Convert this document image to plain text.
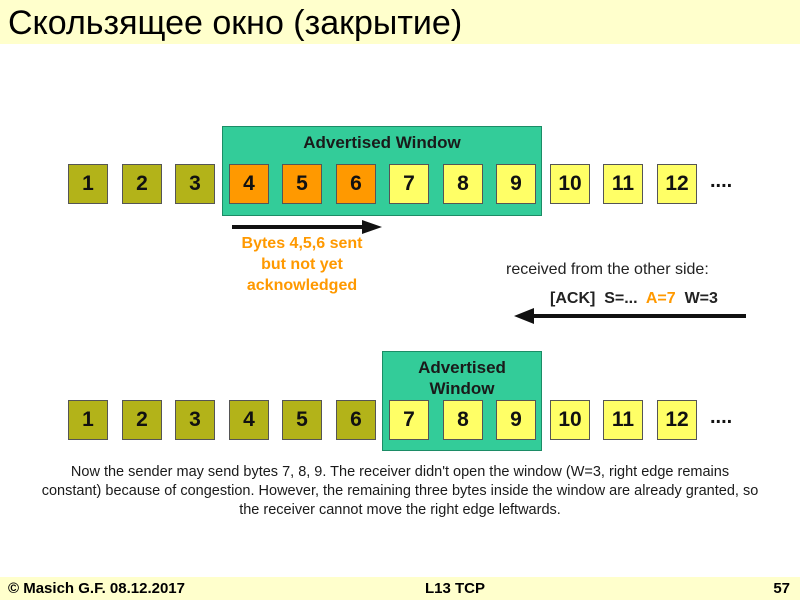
Скользящее окно (закрытие)
Advertised Window
1	2	3	4	5	6	7	8	9	10	11	12	....
Bytes 4,5,6 sent
but not yet
acknowledged
received from the other side:
[ACK] S=... A=7 W=3
Advertised
Window
1	2	3	4	5	6	7	8	9	10	11	12	....
Now the sender may send bytes 7, 8, 9. The receiver didn't open the window (W=3, right edge remains constant) because of congestion. However, the remaining three bytes inside the window are already granted, so the receiver cannot move the right edge leftwards.
© Masich G.F. 08.12.2017	L13 TCP	57
